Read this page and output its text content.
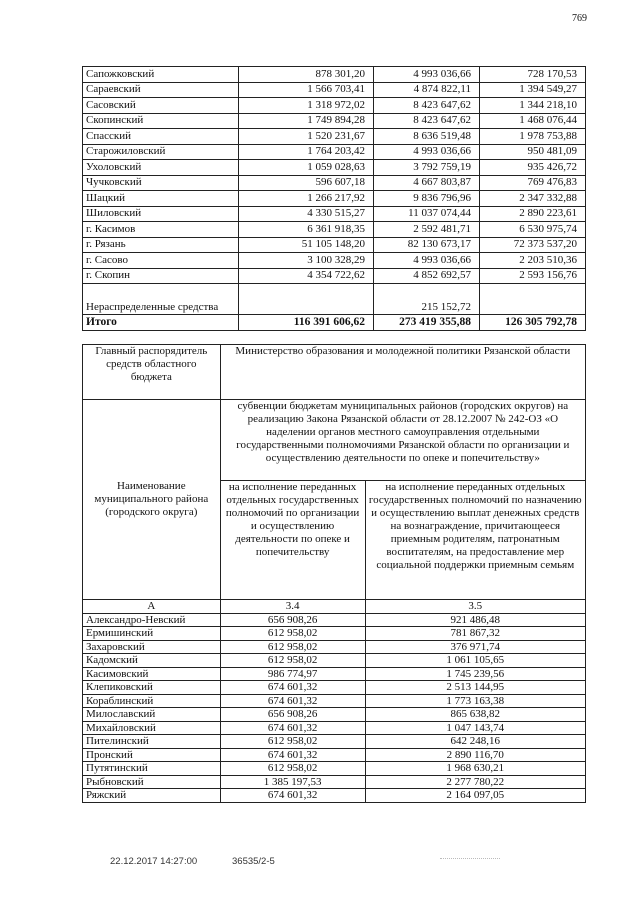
769
Сапожковский	878 301,20	4 993 036,66	728 170,53
Сараевский	1 566 703,41	4 874 822,11	1 394 549,27
Сасовский	1 318 972,02	8 423 647,62	1 344 218,10
Скопинский	1 749 894,28	8 423 647,62	1 468 076,44
Спасский	1 520 231,67	8 636 519,48	1 978 753,88
Старожиловский	1 764 203,42	4 993 036,66	950 481,09
Ухоловский	1 059 028,63	3 792 759,19	935 426,72
Чучковский	596 607,18	4 667 803,87	769 476,83
Шацкий	1 266 217,92	9 836 796,96	2 347 332,88
Шиловский	4 330 515,27	11 037 074,44	2 890 223,61
г. Касимов	6 361 918,35	2 592 481,71	6 530 975,74
г. Рязань	51 105 148,20	82 130 673,17	72 373 537,20
г. Сасово	3 100 328,29	4 993 036,66	2 203 510,36
г. Скопин	4 354 722,62	4 852 692,57	2 593 156,76
Нераспределенные средства		215 152,72	
Итого	116 391 606,62	273 419 355,88	126 305 792,78
Главный распорядитель средств областного бюджета	Министерство образования и молодежной политики Рязанской области	
Наименование муниципального района (городского округа)	субвенции бюджетам муниципальных районов (городских округов) на реализацию Закона Рязанской области от 28.12.2007 № 242-ОЗ «О наделении органов местного самоуправления отдельными государственными полномочиями Рязанской области по организации и осуществлению деятельности по опеке и попечительству»	
	на исполнение переданных отдельных государственных полномочий по организации и осуществлению деятельности по опеке и попечительству	на исполнение переданных отдельных государственных полномочий по назначению и осуществлению выплат денежных средств на вознаграждение, причитающееся приемным родителям, патронатным воспитателям, на предоставление мер социальной поддержки приемным семьям
А	3.4	3.5
Александро-Невский	656 908,26	921 486,48
Ермишинский	612 958,02	781 867,32
Захаровский	612 958,02	376 971,74
Кадомский	612 958,02	1 061 105,65
Касимовский	986 774,97	1 745 239,56
Клепиковский	674 601,32	2 513 144,95
Кораблинский	674 601,32	1 773 163,38
Милославский	656 908,26	865 638,82
Михайловский	674 601,32	1 047 143,74
Пителинский	612 958,02	642 248,16
Пронский	674 601,32	2 890 116,70
Путятинский	612 958,02	1 968 630,21
Рыбновский	1 385 197,53	2 277 780,22
Ряжский	674 601,32	2 164 097,05
22.12.2017 14:27:00	36535/2-5
